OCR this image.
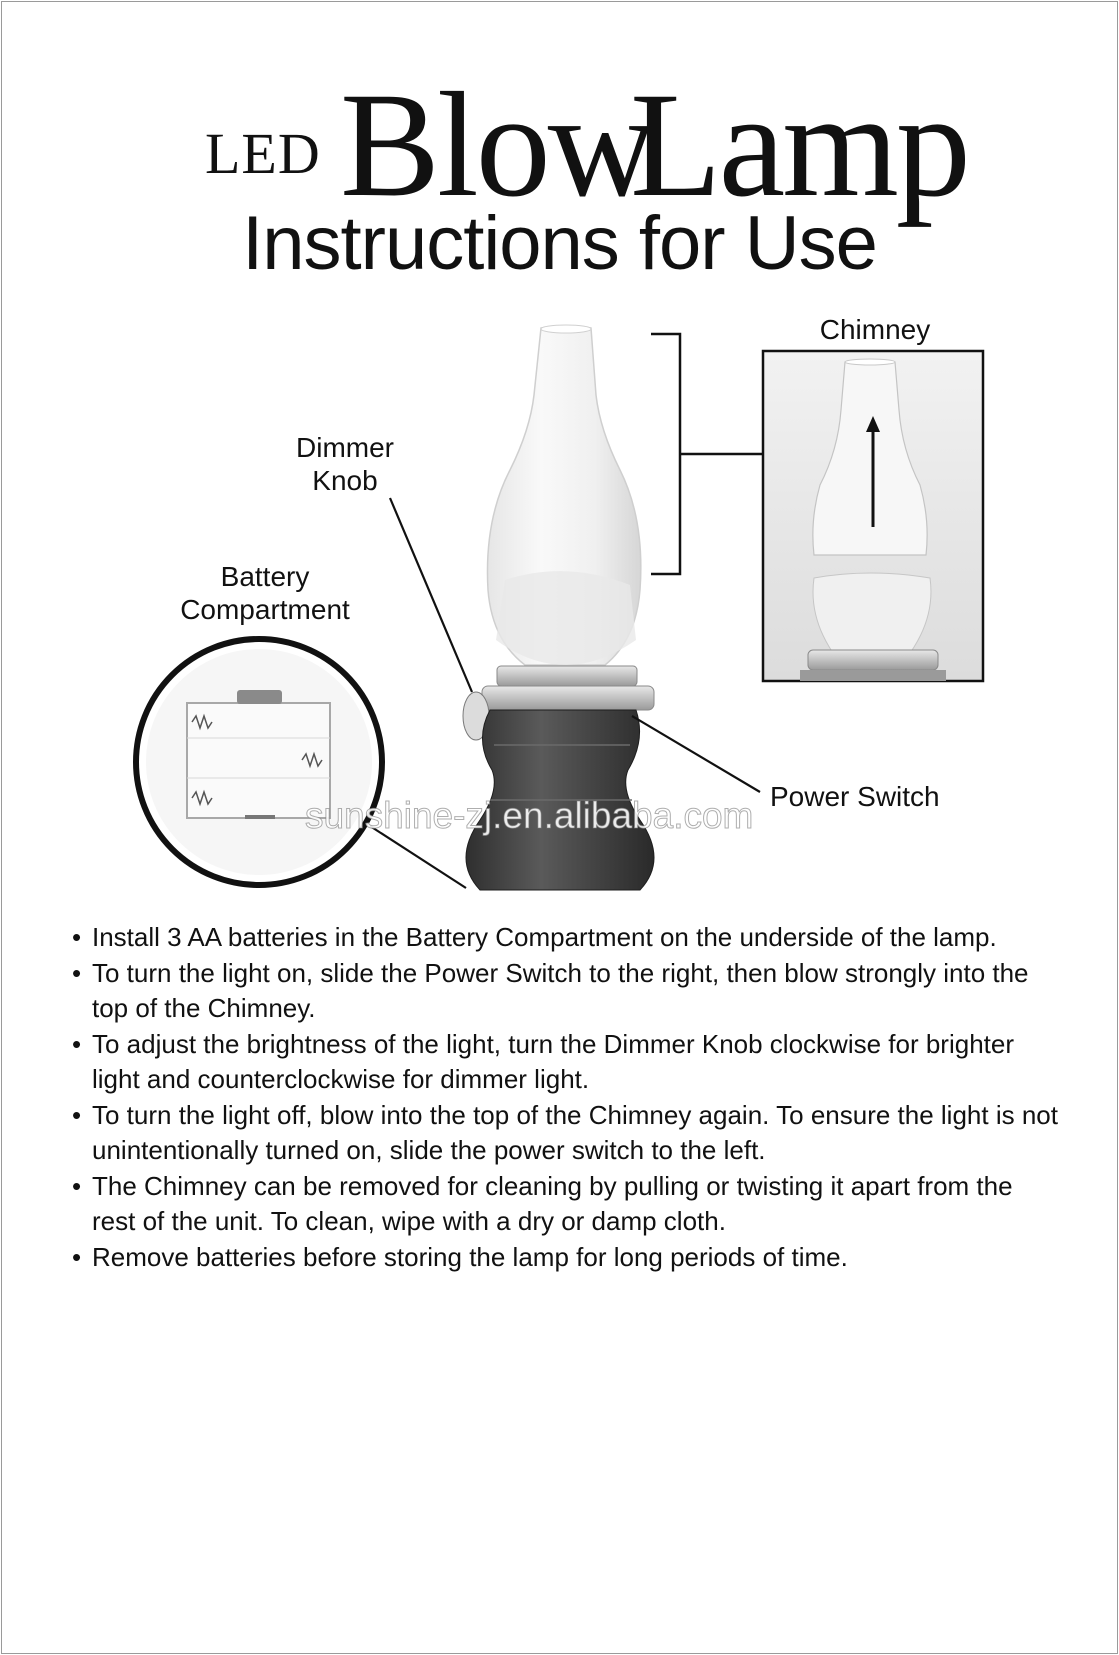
LED Blow
Lamp
Instructions for Use
Dimmer Knob
Battery Compartment
Chimney
Power Switch
sunshine-zj.en.alibaba.com
• Install 3 AA batteries in the Battery Compartment on the underside of the lamp.
• To turn the light on, slide the Power Switch to the right, then blow strongly into the top of the Chimney.
• To adjust the brightness of the light, turn the Dimmer Knob clockwise for brighter light and counterclockwise for dimmer light.
• To turn the light off, blow into the top of the Chimney again. To ensure the light is not unintentionally turned on, slide the power switch to the left.
• The Chimney can be removed for cleaning by pulling or twisting it apart from the rest of the unit. To clean, wipe with a dry or damp cloth.
• Remove batteries before storing the lamp for long periods of time.
